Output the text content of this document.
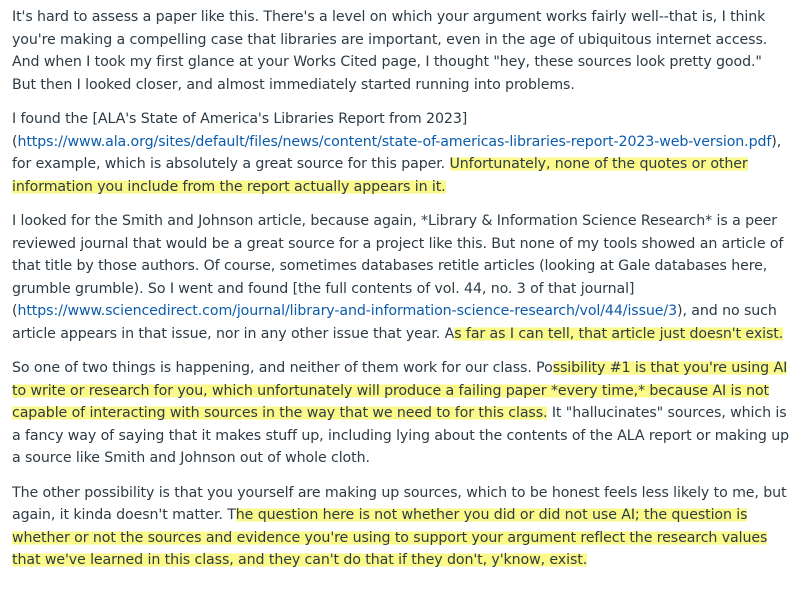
It's hard to assess a paper like this. There's a level on which your argument works fairly well--that is, I think you're making a compelling case that libraries are important, even in the age of ubiquitous internet access. And when I took my first glance at your Works Cited page, I thought "hey, these sources look pretty good." But then I looked closer, and almost immediately started running into problems.

I found the [ALA's State of America's Libraries Report from 2023](https://www.ala.org/sites/default/files/news/content/state-of-americas-libraries-report-2023-web-version.pdf), for example, which is absolutely a great source for this paper. Unfortunately, none of the quotes or other information you include from the report actually appears in it.

I looked for the Smith and Johnson article, because again, *Library & Information Science Research* is a peer reviewed journal that would be a great source for a project like this. But none of my tools showed an article of that title by those authors. Of course, sometimes databases retitle articles (looking at Gale databases here, grumble grumble). So I went and found [the full contents of vol. 44, no. 3 of that journal](https://www.sciencedirect.com/journal/library-and-information-science-research/vol/44/issue/3), and no such article appears in that issue, nor in any other issue that year. As far as I can tell, that article just doesn't exist.

So one of two things is happening, and neither of them work for our class. Possibility #1 is that you're using AI to write or research for you, which unfortunately will produce a failing paper *every time,* because AI is not capable of interacting with sources in the way that we need to for this class. It "hallucinates" sources, which is a fancy way of saying that it makes stuff up, including lying about the contents of the ALA report or making up a source like Smith and Johnson out of whole cloth.

The other possibility is that you yourself are making up sources, which to be honest feels less likely to me, but again, it kinda doesn't matter. The question here is not whether you did or did not use AI; the question is whether or not the sources and evidence you're using to support your argument reflect the research values that we've learned in this class, and they can't do that if they don't, y'know, exist.
